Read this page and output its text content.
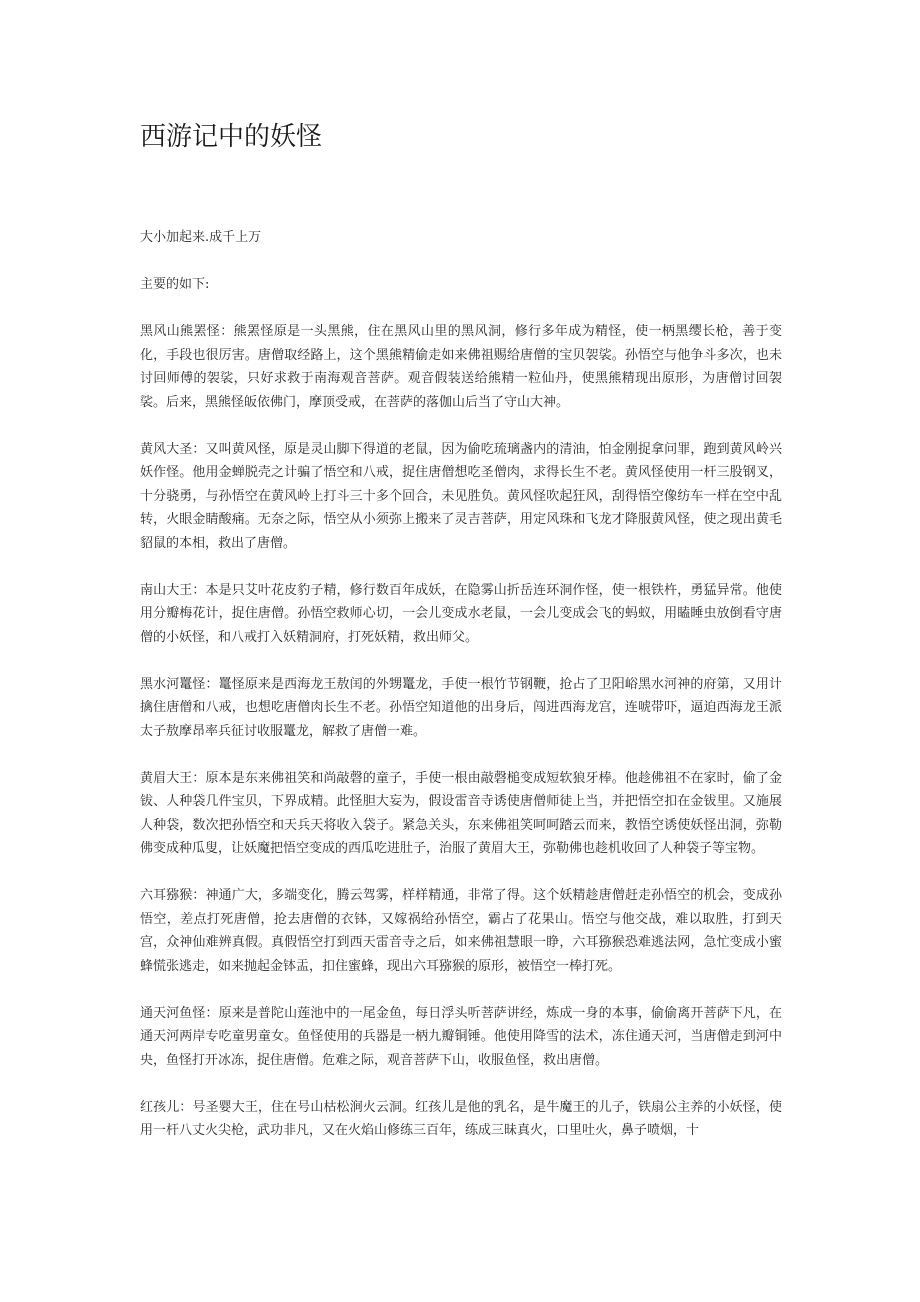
西游记中的妖怪

大小加起来.成千上万

主要的如下:

黑风山熊罴怪：熊罴怪原是一头黑熊，住在黑风山里的黑风洞，修行多年成为精怪，使一柄黑缨长枪，善于变化，手段也很厉害。唐僧取经路上，这个黑熊精偷走如来佛祖赐给唐僧的宝贝袈裟。孙悟空与他争斗多次，也未讨回师傅的袈裟，只好求救于南海观音菩萨。观音假装送给熊精一粒仙丹，使黑熊精现出原形，为唐僧讨回袈裟。后来，黑熊怪皈依佛门，摩顶受戒，在菩萨的落伽山后当了守山大神。

黄风大圣：又叫黄风怪，原是灵山脚下得道的老鼠，因为偷吃琉璃盏内的清油，怕金刚捉拿问罪，跑到黄风岭兴妖作怪。他用金蝉脱壳之计骗了悟空和八戒，捉住唐僧想吃圣僧肉，求得长生不老。黄风怪使用一杆三股钢叉，十分骁勇，与孙悟空在黄风岭上打斗三十多个回合，未见胜负。黄风怪吹起狂风，刮得悟空像纺车一样在空中乱转，火眼金睛酸痛。无奈之际，悟空从小须弥上搬来了灵吉菩萨，用定风珠和飞龙才降服黄风怪，使之现出黄毛貂鼠的本相，救出了唐僧。

南山大王：本是只艾叶花皮豹子精，修行数百年成妖，在隐雾山折岳连环洞作怪，使一根铁杵，勇猛异常。他使用分瓣梅花计，捉住唐僧。孙悟空救师心切，一会儿变成水老鼠，一会儿变成会飞的蚂蚁，用瞌睡虫放倒看守唐僧的小妖怪，和八戒打入妖精洞府，打死妖精，救出师父。

黑水河鼍怪：鼍怪原来是西海龙王敖闰的外甥鼍龙，手使一根竹节钢鞭，抢占了卫阳峪黑水河神的府第，又用计擒住唐僧和八戒，也想吃唐僧肉长生不老。孙悟空知道他的出身后，闯进西海龙宫，连唬带吓，逼迫西海龙王派太子敖摩昂率兵征讨收服鼍龙，解救了唐僧一难。

黄眉大王：原本是东来佛祖笑和尚敲磬的童子，手使一根由敲磬槌变成短软狼牙棒。他趁佛祖不在家时，偷了金钹、人种袋几件宝贝，下界成精。此怪胆大妄为，假设雷音寺诱使唐僧师徒上当，并把悟空扣在金钹里。又施展人种袋，数次把孙悟空和天兵天将收入袋子。紧急关头，东来佛祖笑呵呵踏云而来，教悟空诱使妖怪出洞，弥勒佛变成种瓜叟，让妖魔把悟空变成的西瓜吃进肚子，治服了黄眉大王，弥勒佛也趁机收回了人种袋子等宝物。

六耳猕猴：神通广大，多端变化，腾云驾雾，样样精通，非常了得。这个妖精趁唐僧赶走孙悟空的机会，变成孙悟空，差点打死唐僧，抢去唐僧的衣钵，又嫁祸给孙悟空，霸占了花果山。悟空与他交战，难以取胜，打到天宫，众神仙难辨真假。真假悟空打到西天雷音寺之后，如来佛祖慧眼一睁，六耳猕猴恐难逃法网，急忙变成小蜜蜂慌张逃走，如来抛起金钵盂，扣住蜜蜂，现出六耳猕猴的原形，被悟空一棒打死。

通天河鱼怪：原来是普陀山莲池中的一尾金鱼，每日浮头听菩萨讲经，炼成一身的本事，偷偷离开菩萨下凡，在通天河两岸专吃童男童女。鱼怪使用的兵器是一柄九瓣铜锤。他使用降雪的法术，冻住通天河，当唐僧走到河中央，鱼怪打开冰冻，捉住唐僧。危难之际，观音菩萨下山，收服鱼怪，救出唐僧。

红孩儿：号圣婴大王，住在号山枯松涧火云洞。红孩儿是他的乳名，是牛魔王的儿子，铁扇公主养的小妖怪，使用一杆八丈火尖枪，武功非凡，又在火焰山修练三百年，练成三昧真火，口里吐火，鼻子喷烟，十
